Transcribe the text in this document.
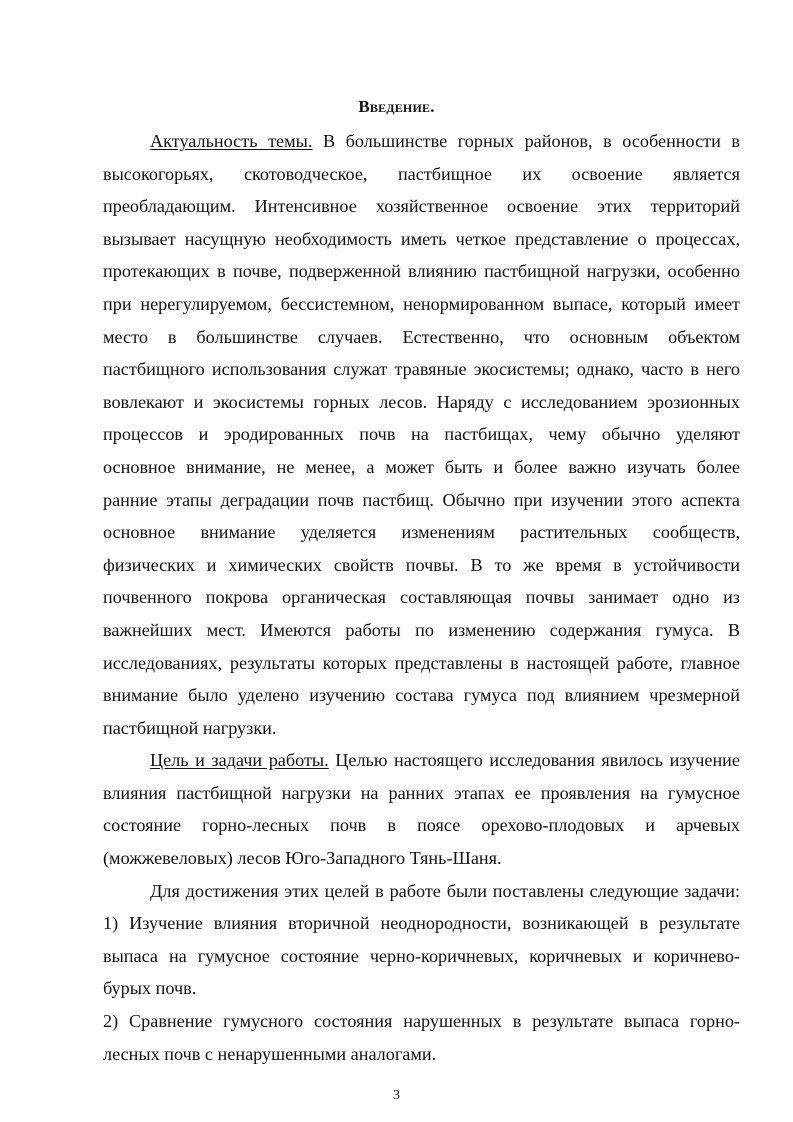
Введение.
Актуальность темы. В большинстве горных районов, в особенности в
высокогорьях, скотоводческое, пастбищное их освоение является
преобладающим. Интенсивное хозяйственное освоение этих территорий
вызывает насущную необходимость иметь четкое представление о процессах,
протекающих в почве, подверженной влиянию пастбищной нагрузки, особенно
при нерегулируемом, бессистемном, ненормированном выпасе, который имеет
место в большинстве случаев. Естественно, что основным объектом
пастбищного использования служат травяные экосистемы; однако, часто в него
вовлекают и экосистемы горных лесов. Наряду с исследованием эрозионных
процессов и эродированных почв на пастбищах, чему обычно уделяют
основное внимание, не менее, а может быть и более важно изучать более
ранние этапы деградации почв пастбищ. Обычно при изучении этого аспекта
основное внимание уделяется изменениям растительных сообществ,
физических и химических свойств почвы. В то же время в устойчивости
почвенного покрова органическая составляющая почвы занимает одно из
важнейших мест. Имеются работы по изменению содержания гумуса. В
исследованиях, результаты которых представлены в настоящей работе, главное
внимание было уделено изучению состава гумуса под влиянием чрезмерной
пастбищной нагрузки.
Цель и задачи работы. Целью настоящего исследования явилось изучение
влияния пастбищной нагрузки на ранних этапах ее проявления на гумусное
состояние горно-лесных почв в поясе орехово-плодовых и арчевых
(можжевеловых) лесов Юго-Западного Тянь-Шаня.
Для достижения этих целей в работе были поставлены следующие задачи:
1) Изучение влияния вторичной неоднородности, возникающей в результате
выпаса на гумусное состояние черно-коричневых, коричневых и коричнево-
бурых почв.
2) Сравнение гумусного состояния нарушенных в результате выпаса горно-
лесных почв с ненарушенными аналогами.
3
